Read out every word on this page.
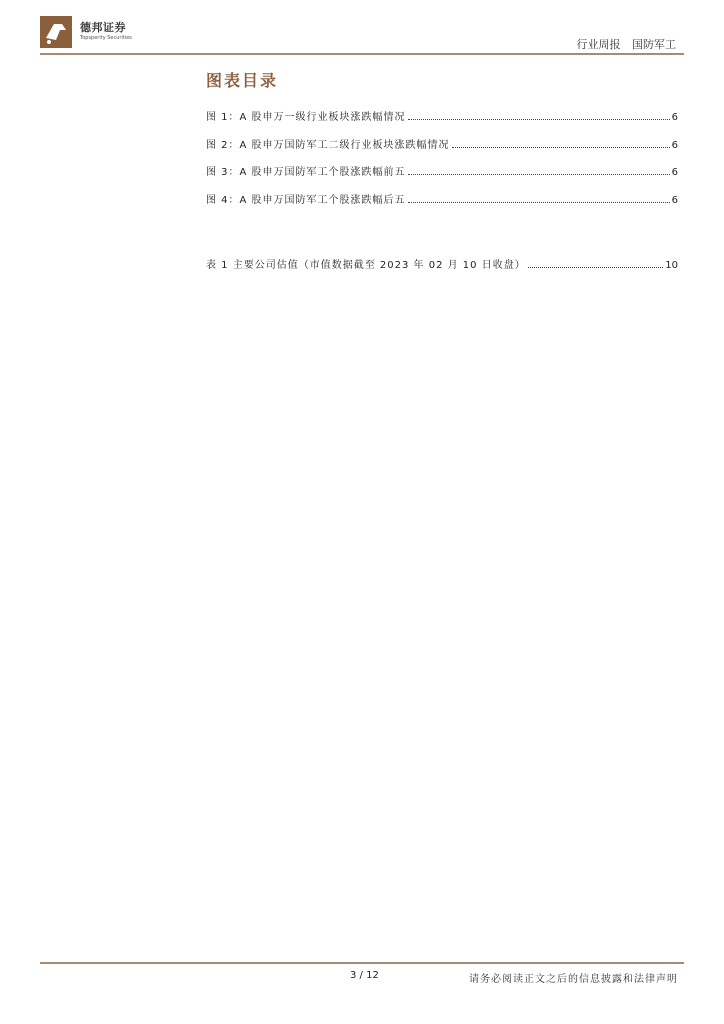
德邦证券
Topsperity Securities	行业周报 国防军工
图表目录
图 1：A 股申万一级行业板块涨跌幅情况	6
图 2：A 股申万国防军工二级行业板块涨跌幅情况	6
图 3：A 股申万国防军工个股涨跌幅前五	6
图 4：A 股申万国防军工个股涨跌幅后五	6
表 1 主要公司估值（市值数据截至 2023 年 02 月 10 日收盘）	10
3 / 12	请务必阅读正文之后的信息披露和法律声明
